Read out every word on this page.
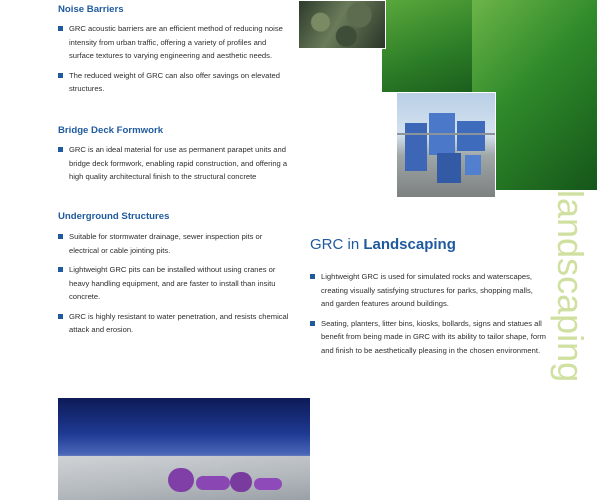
landscaping
Noise Barriers
GRC acoustic barriers are an efficient method of reducing noise intensity from urban traffic, offering a variety of profiles and surface textures to varying engineering and aesthetic needs.
The reduced weight of GRC can also offer savings on elevated structures.
Bridge Deck Formwork
GRC is an ideal material for use as permanent parapet units and bridge deck formwork, enabling rapid construction, and offering a high quality architectural finish to the structural concrete
Underground Structures
Suitable for stormwater drainage, sewer inspection pits or electrical or cable jointing pits.
Lightweight GRC pits can be installed without using cranes or heavy handling equipment, and are faster to install than insitu concrete.
GRC is highly resistant to water penetration, and resists chemical attack and erosion.
GRC in Landscaping
Lightweight GRC is used for simulated rocks and waterscapes, creating visually satisfying structures for parks, shopping malls, and garden features around buildings.
Seating, planters, litter bins, kiosks, bollards, signs and statues all benefit from being made in GRC with its ability to tailor shape, form and finish to be aesthetically pleasing in the chosen environment.
